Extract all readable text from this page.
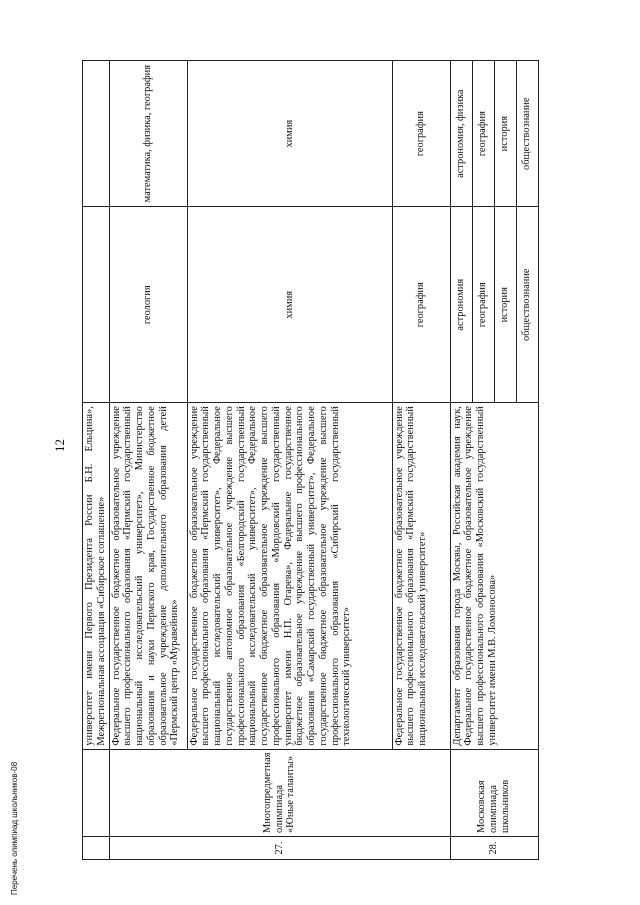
12
Перечень олимпиад школьников-08
		университет имени Первого Президента России Б.Н. Ельцина», Межрегиональная ассоциация «Сибирское соглашение»		
27.	Многопредметная олимпиада «Юные таланты»	Федеральное государственное бюджетное образовательное учреждение высшего профессионального образования «Пермский государственный национальный исследовательский университет», Министерство образования и науки Пермского края, Государственное бюджетное образовательное учреждение дополнительного образования детей «Пермский центр «Муравейник»	геология	математика, физика, география
		Федеральное государственное бюджетное образовательное учреждение высшего профессионального образования «Пермский государственный национальный исследовательский университет», Федеральное государственное автономное образовательное учреждение высшего профессионального образования «Белгородский государственный национальный исследовательский университет», Федеральное государственное бюджетное образовательное учреждение высшего профессионального образования «Мордовский государственный университет имени Н.П. Огарева», Федеральное государственное бюджетное образовательное учреждение высшего профессионального образования «Самарский государственный университет», Федеральное государственное бюджетное образовательное учреждение высшего профессионального образования «Сибирский государственный технологический университет»	химия	химия
		Федеральное государственное бюджетное образовательное учреждение высшего профессионального образования «Пермский государственный национальный исследовательский университет»	география	география
28.	Московская олимпиада школьников	Департамент образования города Москвы, Российская академия наук, Федеральное государственное бюджетное образовательное учреждение высшего профессионального образования «Московский государственный университет имени М.В. Ломоносова»	астрономия	астрономия, физика
			география	география
			история	история
			обществознание	обществознание
